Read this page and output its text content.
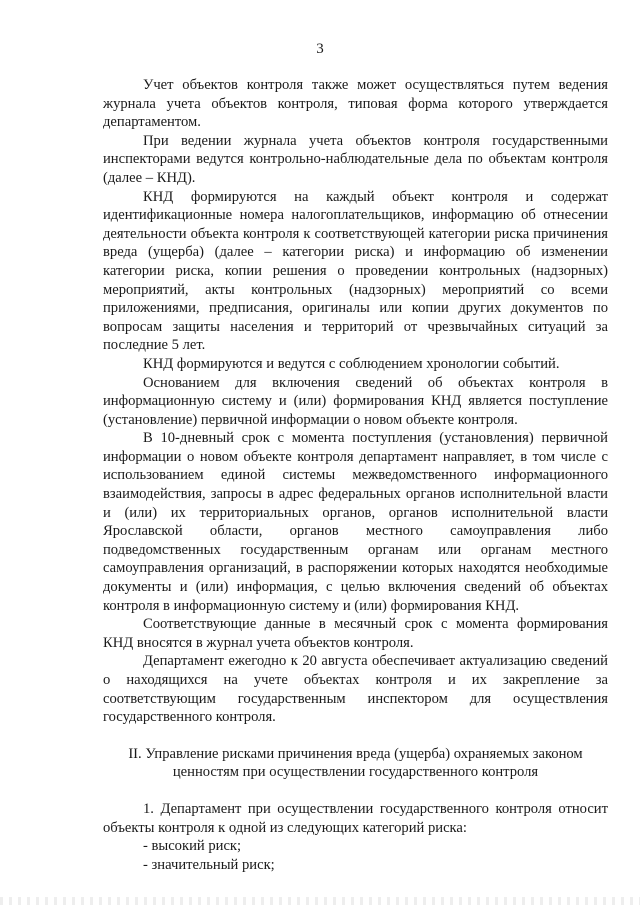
3

Учет объектов контроля также может осуществляться путем ведения журнала учета объектов контроля, типовая форма которого утверждается департаментом.

При ведении журнала учета объектов контроля государственными инспекторами ведутся контрольно-наблюдательные дела по объектам контроля (далее – КНД).

КНД формируются на каждый объект контроля и содержат идентификационные номера налогоплательщиков, информацию об отнесении деятельности объекта контроля к соответствующей категории риска причинения вреда (ущерба) (далее – категории риска) и информацию об изменении категории риска, копии решения о проведении контрольных (надзорных) мероприятий, акты контрольных (надзорных) мероприятий со всеми приложениями, предписания, оригиналы или копии других документов по вопросам защиты населения и территорий от чрезвычайных ситуаций за последние 5 лет.

КНД формируются и ведутся с соблюдением хронологии событий.

Основанием для включения сведений об объектах контроля в информационную систему и (или) формирования КНД является поступление (установление) первичной информации о новом объекте контроля.

В 10-дневный срок с момента поступления (установления) первичной информации о новом объекте контроля департамент направляет, в том числе с использованием единой системы межведомственного информационного взаимодействия, запросы в адрес федеральных органов исполнительной власти и (или) их территориальных органов, органов исполнительной власти Ярославской области, органов местного самоуправления либо подведомственных государственным органам или органам местного самоуправления организаций, в распоряжении которых находятся необходимые документы и (или) информация, с целью включения сведений об объектах контроля в информационную систему и (или) формирования КНД.

Соответствующие данные в месячный срок с момента формирования КНД вносятся в журнал учета объектов контроля.

Департамент ежегодно к 20 августа обеспечивает актуализацию сведений о находящихся на учете объектах контроля и их закрепление за соответствующим государственным инспектором для осуществления государственного контроля.

II. Управление рисками причинения вреда (ущерба) охраняемых законом
ценностям при осуществлении государственного контроля

1. Департамент при осуществлении государственного контроля относит объекты контроля к одной из следующих категорий риска:

- высокий риск;

- значительный риск;
